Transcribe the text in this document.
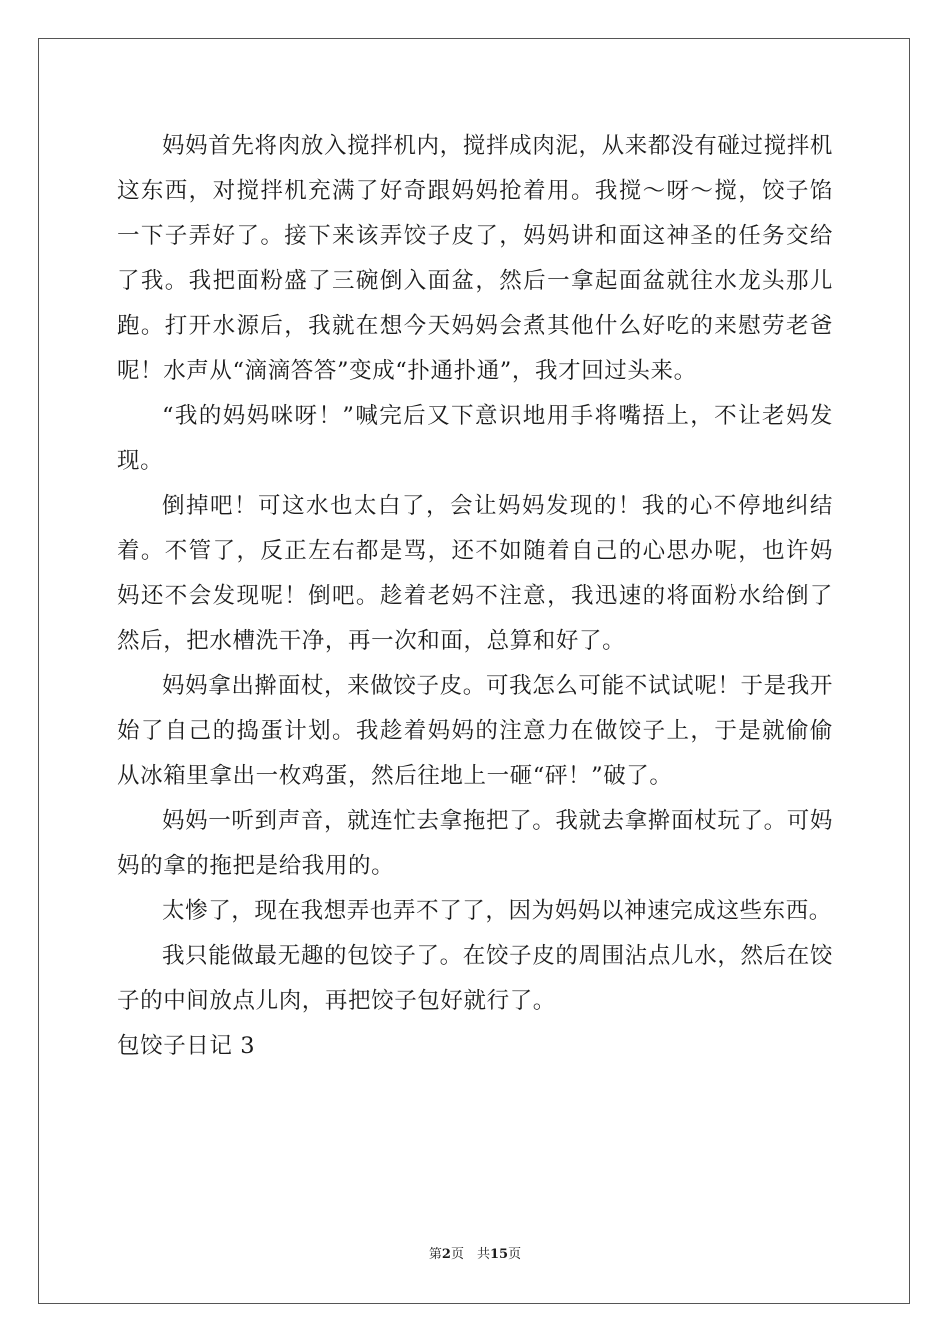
妈妈首先将肉放入搅拌机内，搅拌成肉泥，从来都没有碰过搅拌机这东西，对搅拌机充满了好奇跟妈妈抢着用。我搅～呀～搅，饺子馅一下子弄好了。接下来该弄饺子皮了，妈妈讲和面这神圣的任务交给了我。我把面粉盛了三碗倒入面盆，然后一拿起面盆就往水龙头那儿跑。打开水源后，我就在想今天妈妈会煮其他什么好吃的来慰劳老爸呢！水声从“滴滴答答”变成“扑通扑通”，我才回过头来。

“我的妈妈咪呀！”喊完后又下意识地用手将嘴捂上，不让老妈发现。

倒掉吧！可这水也太白了，会让妈妈发现的！我的心不停地纠结着。不管了，反正左右都是骂，还不如随着自己的心思办呢，也许妈妈还不会发现呢！倒吧。趁着老妈不注意，我迅速的将面粉水给倒了然后，把水槽洗干净，再一次和面，总算和好了。

妈妈拿出擀面杖，来做饺子皮。可我怎么可能不试试呢！于是我开始了自己的捣蛋计划。我趁着妈妈的注意力在做饺子上，于是就偷偷从冰箱里拿出一枚鸡蛋，然后往地上一砸“砰！”破了。

妈妈一听到声音，就连忙去拿拖把了。我就去拿擀面杖玩了。可妈妈的拿的拖把是给我用的。

太惨了，现在我想弄也弄不了了，因为妈妈以神速完成这些东西。

我只能做最无趣的包饺子了。在饺子皮的周围沾点儿水，然后在饺子的中间放点儿肉，再把饺子包好就行了。

包饺子日记 3

第2页　共15页
